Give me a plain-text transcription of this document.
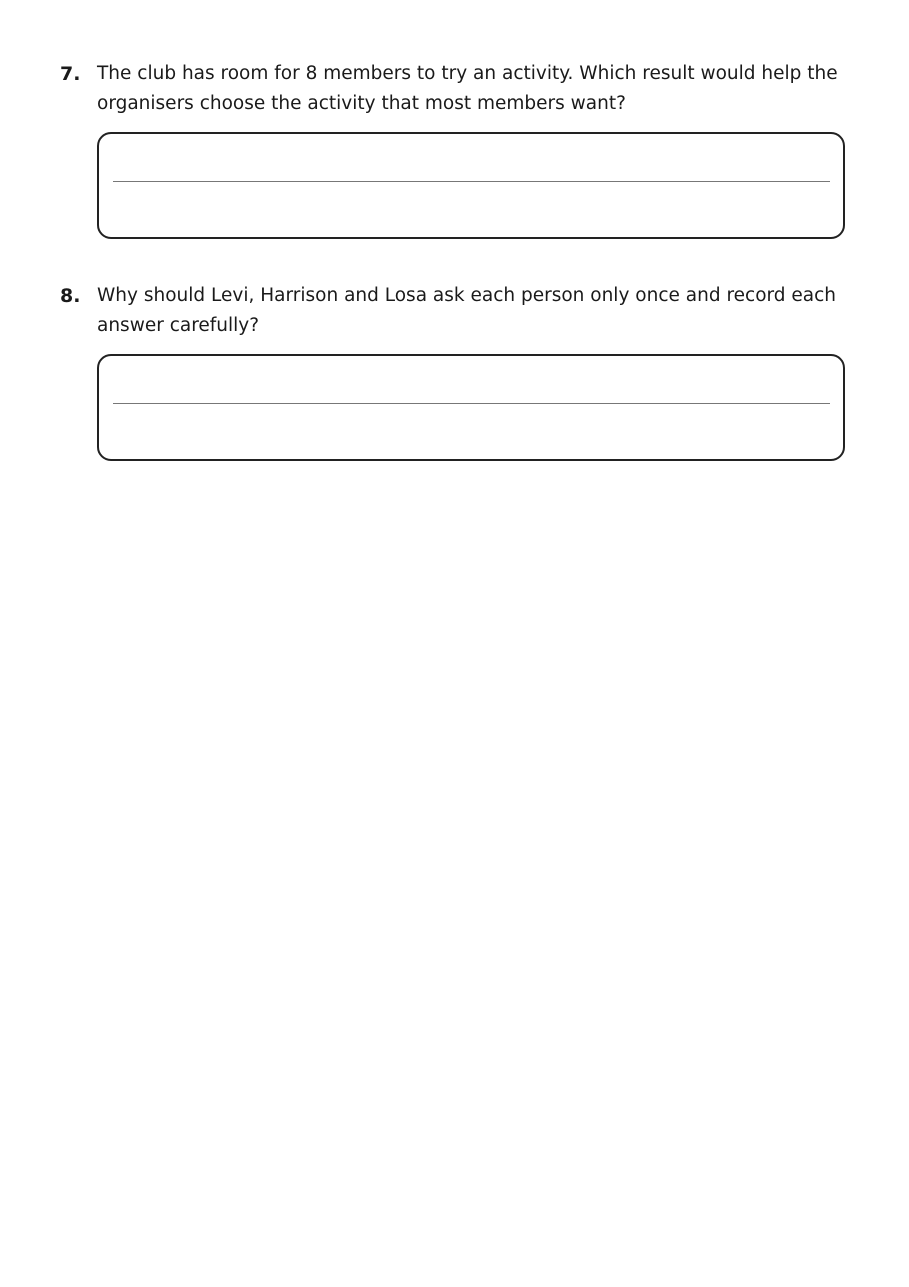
7. The club has room for 8 members to try an activity. Which result would help the
organisers choose the activity that most members want?

8. Why should Levi, Harrison and Losa ask each person only once and record each
answer carefully?
